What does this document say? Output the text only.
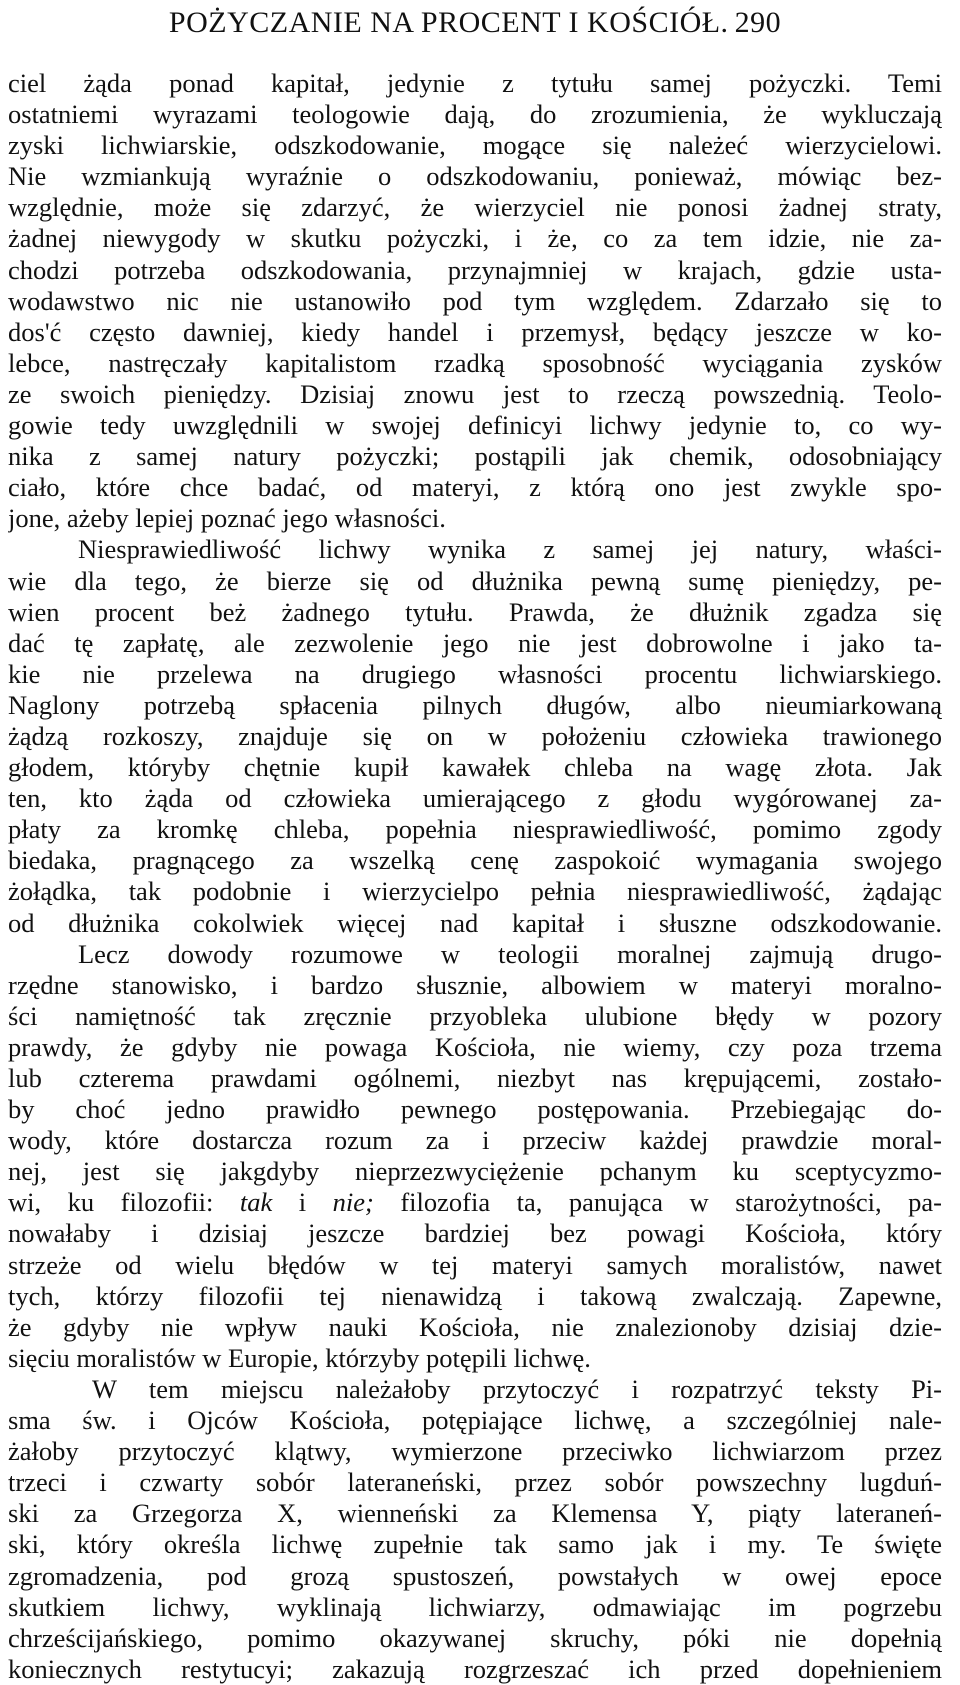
POŻYCZANIE NA PROCENT I KOŚCIÓŁ. 290
ciel żąda ponad kapitał, jedynie z tytułu samej pożyczki. Temi
ostatniemi wyrazami teologowie dają, do zrozumienia, że wykluczają
zyski lichwiarskie, odszkodowanie, mogące się należeć wierzycielowi.
Nie wzmiankują wyraźnie o odszkodowaniu, ponieważ, mówiąc bez-
względnie, może się zdarzyć, że wierzyciel nie ponosi żadnej straty,
żadnej niewygody w skutku pożyczki, i że, co za tem idzie, nie za-
chodzi potrzeba odszkodowania, przynajmniej w krajach, gdzie usta-
wodawstwo nic nie ustanowiło pod tym względem. Zdarzało się to
dos'ć często dawniej, kiedy handel i przemysł, będący jeszcze w ko-
lebce, nastręczały kapitalistom rzadką sposobność wyciągania zysków
ze swoich pieniędzy. Dzisiaj znowu jest to rzeczą powszednią. Teolo-
gowie tedy uwzględnili w swojej definicyi lichwy jedynie to, co wy-
nika z samej natury pożyczki; postąpili jak chemik, odosobniający
ciało, które chce badać, od materyi, z którą ono jest zwykle spo-
jone, ażeby lepiej poznać jego własności.
Niesprawiedliwość lichwy wynika z samej jej natury, właści-
wie dla tego, że bierze się od dłużnika pewną sumę pieniędzy, pe-
wien procent beż żadnego tytułu. Prawda, że dłużnik zgadza się
dać tę zapłatę, ale zezwolenie jego nie jest dobrowolne i jako ta-
kie nie przelewa na drugiego własności procentu lichwiarskiego.
Naglony potrzebą spłacenia pilnych długów, albo nieumiarkowaną
żądzą rozkoszy, znajduje się on w położeniu człowieka trawionego
głodem, któryby chętnie kupił kawałek chleba na wagę złota. Jak
ten, kto żąda od człowieka umierającego z głodu wygórowanej za-
płaty za kromkę chleba, popełnia niesprawiedliwość, pomimo zgody
biedaka, pragnącego za wszelką cenę zaspokoić wymagania swojego
żołądka, tak podobnie i wierzycielpo pełnia niesprawiedliwość, żądając
od dłużnika cokolwiek więcej nad kapitał i słuszne odszkodowanie.
Lecz dowody rozumowe w teologii moralnej zajmują drugo-
rzędne stanowisko, i bardzo słusznie, albowiem w materyi moralno-
ści namiętność tak zręcznie przyobleka ulubione błędy w pozory
prawdy, że gdyby nie powaga Kościoła, nie wiemy, czy poza trzema
lub czterema prawdami ogólnemi, niezbyt nas krępującemi, zostało-
by choć jedno prawidło pewnego postępowania. Przebiegając do-
wody, które dostarcza rozum za i przeciw każdej prawdzie moral-
nej, jest się jakgdyby nieprzezwyciężenie pchanym ku sceptycyzmo-
wi, ku filozofii: tak i nie; filozofia ta, panująca w starożytności, pa-
nowałaby i dzisiaj jeszcze bardziej bez powagi Kościoła, który
strzeże od wielu błędów w tej materyi samych moralistów, nawet
tych, którzy filozofii tej nienawidzą i takową zwalczają. Zapewne,
że gdyby nie wpływ nauki Kościoła, nie znalezionoby dzisiaj dzie-
sięciu moralistów w Europie, którzyby potępili lichwę.
W tem miejscu należałoby przytoczyć i rozpatrzyć teksty Pi-
sma św. i Ojców Kościoła, potępiające lichwę, a szczególniej nale-
żałoby przytoczyć klątwy, wymierzone przeciwko lichwiarzom przez
trzeci i czwarty sobór lateraneński, przez sobór powszechny lugduń-
ski za Grzegorza X, wienneński za Klemensa Y, piąty lateraneń-
ski, który określa lichwę zupełnie tak samo jak i my. Te święte
zgromadzenia, pod grozą spustoszeń, powstałych w owej epoce
skutkiem lichwy, wyklinają lichwiarzy, odmawiając im pogrzebu
chrześcijańskiego, pomimo okazywanej skruchy, póki nie dopełnią
koniecznych restytucyi; zakazują rozgrzeszać ich przed dopełnieniem
